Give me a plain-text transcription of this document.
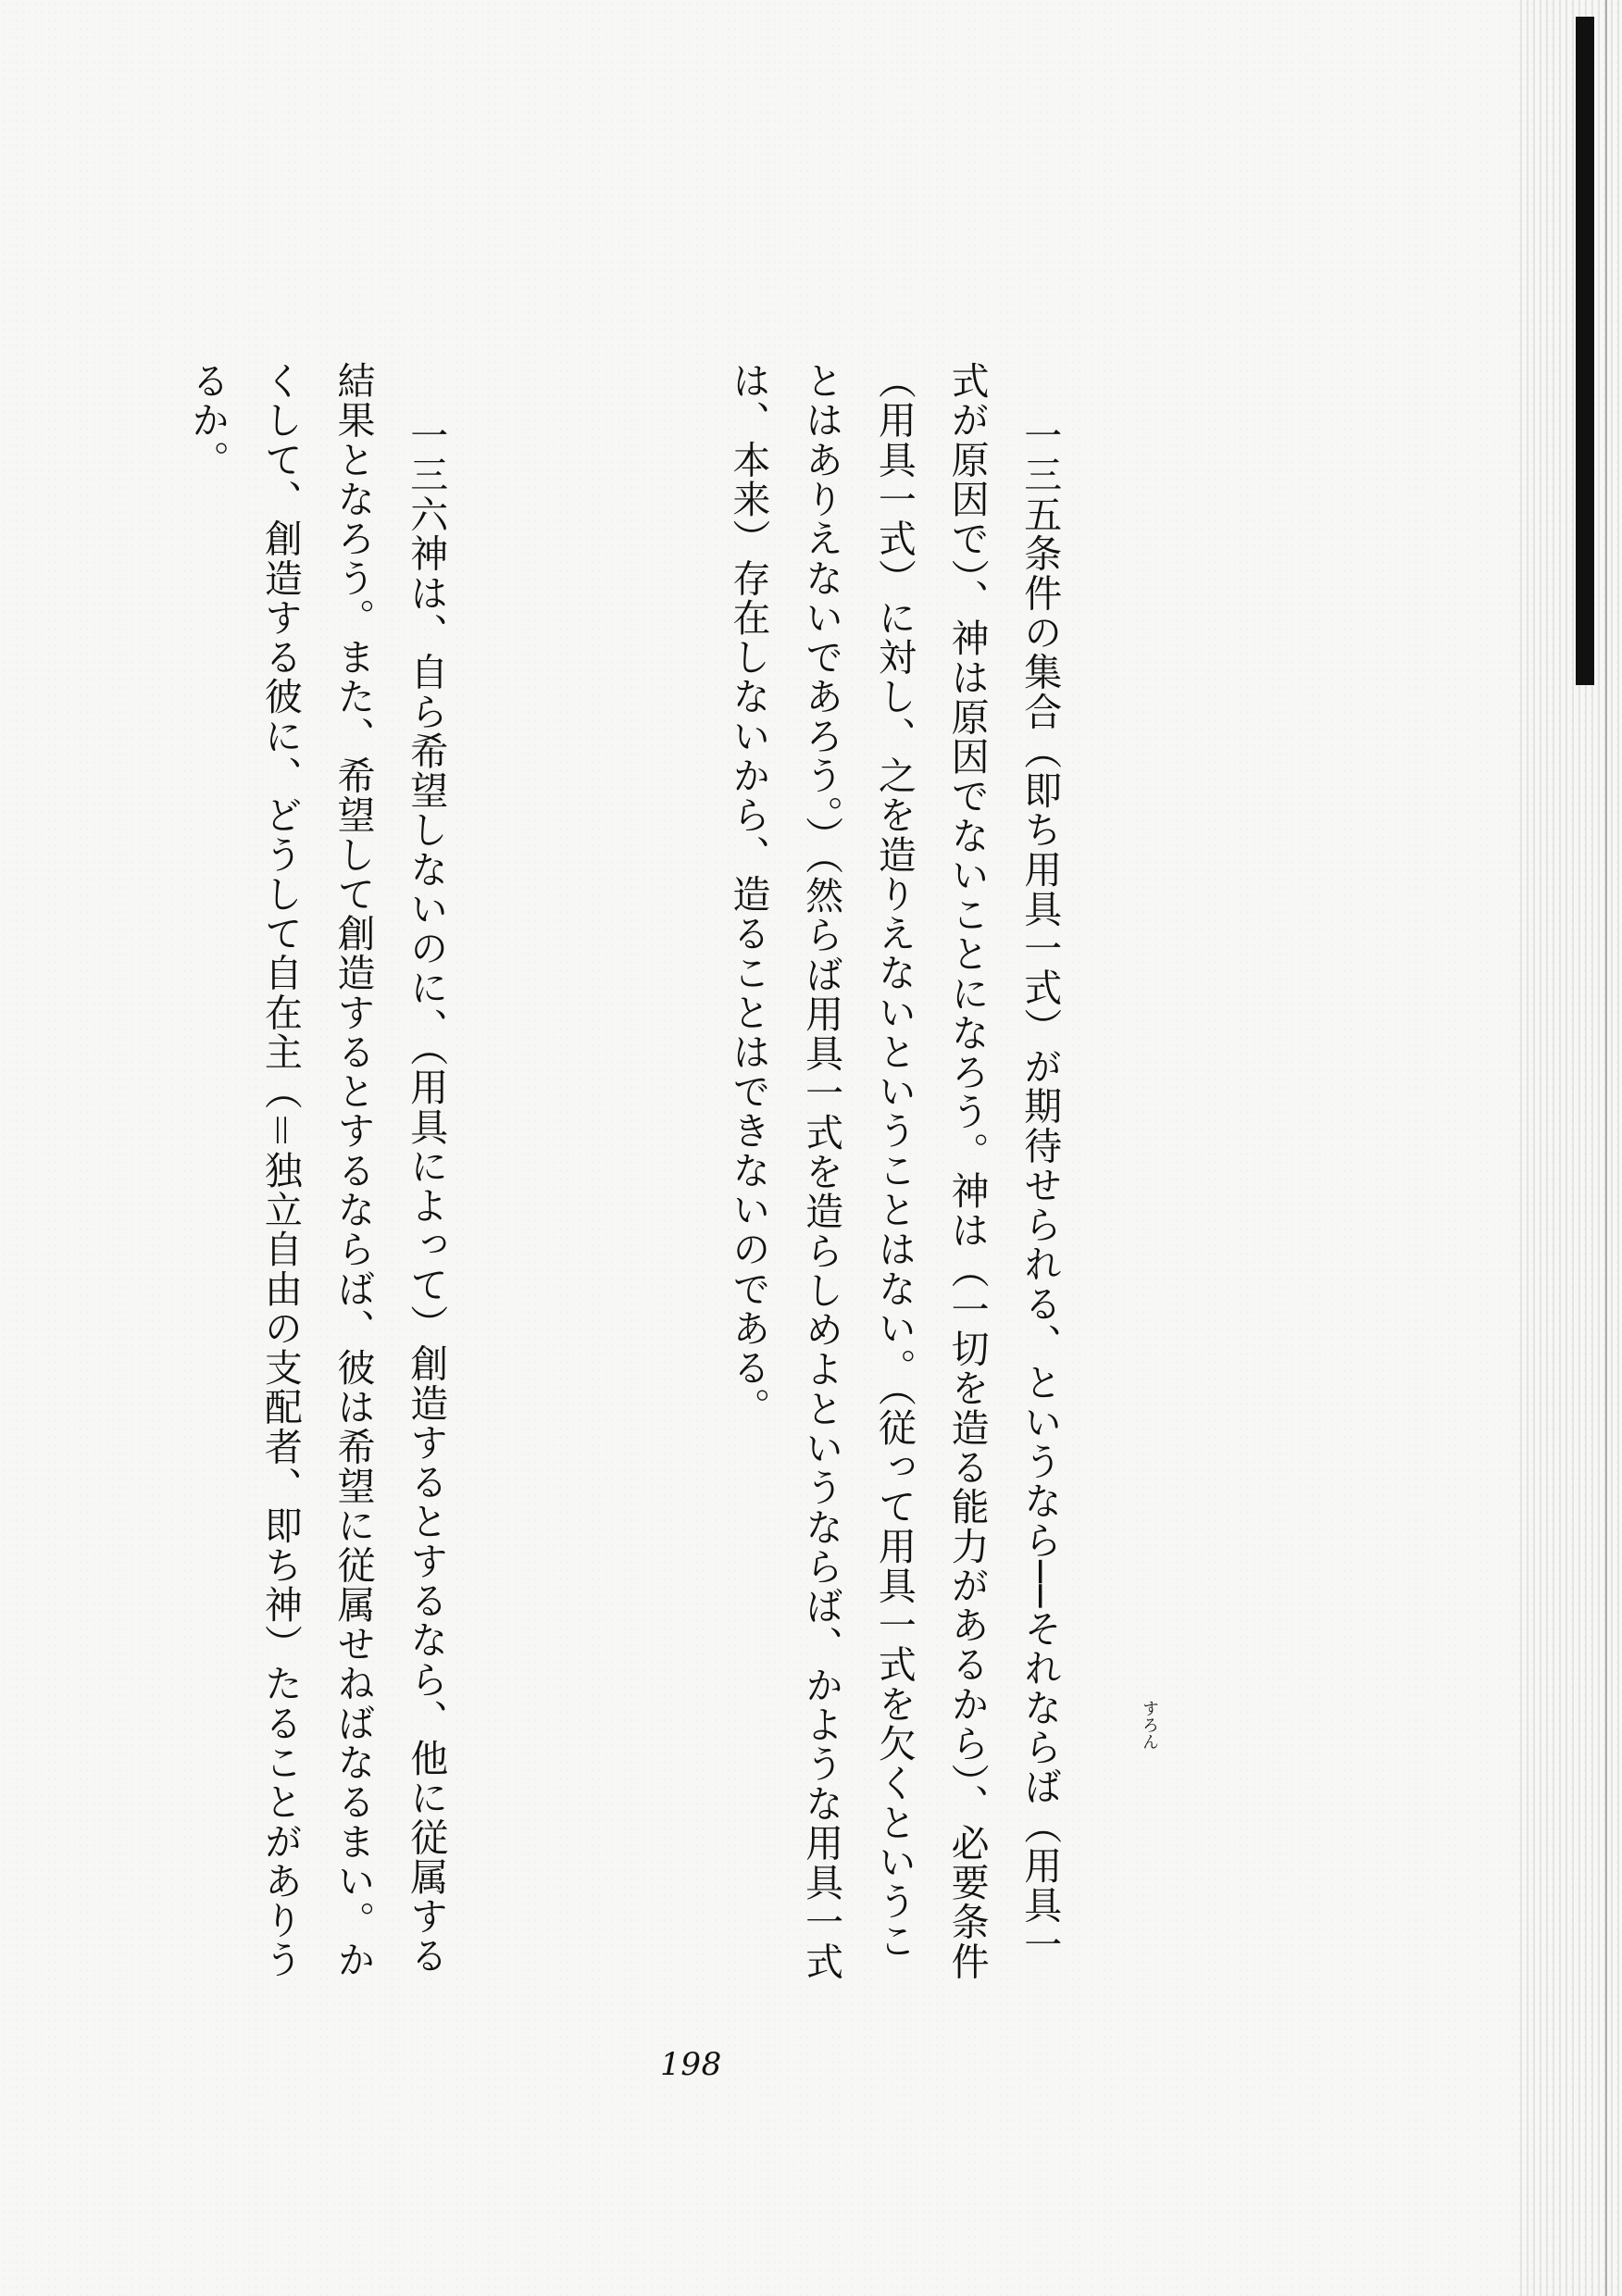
一三五条件の集合（即ち用具一式）が期待せられる、というなら──それならば（用具一式が原因で）、神は原因でないことになろう。神は（一切を造る能力があるから）、必要条件（用具一式）に対し、之を造りえないということはない。（従って用具一式を欠くということはありえないであろう。）（然らば用具一式を造らしめよというならば、かような用具一式は、本来）存在しないから、造ることはできないのである。

一三六神は、自ら希望しないのに、（用具によって）創造するとするなら、他に従属する結果となろう。また、希望して創造するとするならば、彼は希望に従属せねばなるまい。かくして、創造する彼に、どうして自在主（＝独立自由の支配者、即ち神）たることがありうるか。

すろん
198
